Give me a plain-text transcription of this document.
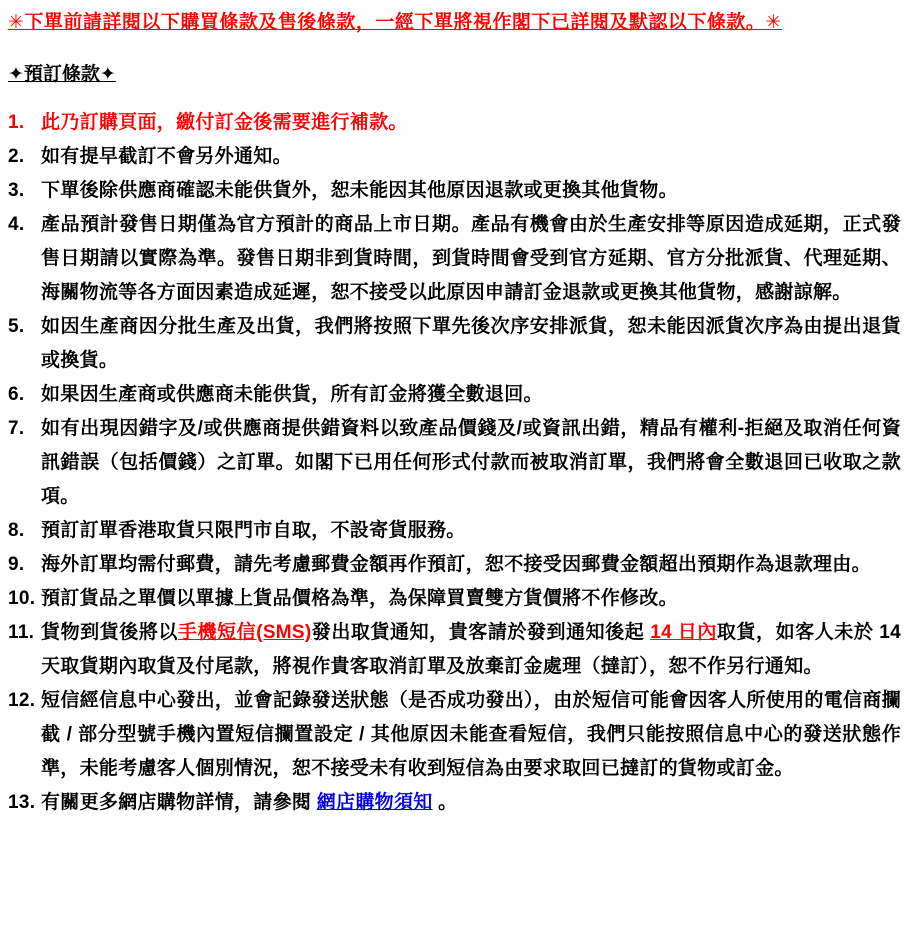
✳下單前請詳閱以下購買條款及售後條款，一經下單將視作閣下已詳閱及默認以下條款。✳
✦預訂條款✦
1. 此乃訂購頁面，繳付訂金後需要進行補款。
2. 如有提早截訂不會另外通知。
3. 下單後除供應商確認未能供貨外，恕未能因其他原因退款或更換其他貨物。
4. 產品預計發售日期僅為官方預計的商品上市日期。產品有機會由於生產安排等原因造成延期，正式發售日期請以實際為準。發售日期非到貨時間，到貨時間會受到官方延期、官方分批派貨、代理延期、海關物流等各方面因素造成延遲，恕不接受以此原因申請訂金退款或更換其他貨物，感謝諒解。
5. 如因生產商因分批生產及出貨，我們將按照下單先後次序安排派貨，恕未能因派貨次序為由提出退貨或換貨。
6. 如果因生產商或供應商未能供貨，所有訂金將獲全數退回。
7. 如有出現因錯字及/或供應商提供錯資料以致產品價錢及/或資訊出錯，精品有權利-拒絕及取消任何資訊錯誤（包括價錢）之訂單。如閣下已用任何形式付款而被取消訂單，我們將會全數退回已收取之款項。
8. 預訂訂單香港取貨只限門市自取，不設寄貨服務。
9. 海外訂單均需付郵費，請先考慮郵費金額再作預訂，恕不接受因郵費金額超出預期作為退款理由。
10. 預訂貨品之單價以單據上貨品價格為準，為保障買賣雙方貨價將不作修改。
11. 貨物到貨後將以手機短信(SMS)發出取貨通知，貴客請於發到通知後起 14 日內取貨，如客人未於 14 天取貨期內取貨及付尾款，將視作貴客取消訂單及放棄訂金處理（撻訂），恕不作另行通知。
12. 短信經信息中心發出，並會記錄發送狀態（是否成功發出），由於短信可能會因客人所使用的電信商攔截 / 部分型號手機內置短信攔置設定 / 其他原因未能查看短信，我們只能按照信息中心的發送狀態作準，未能考慮客人個別情況，恕不接受未有收到短信為由要求取回已撻訂的貨物或訂金。
13. 有關更多網店購物詳情，請參閱 網店購物須知 。
